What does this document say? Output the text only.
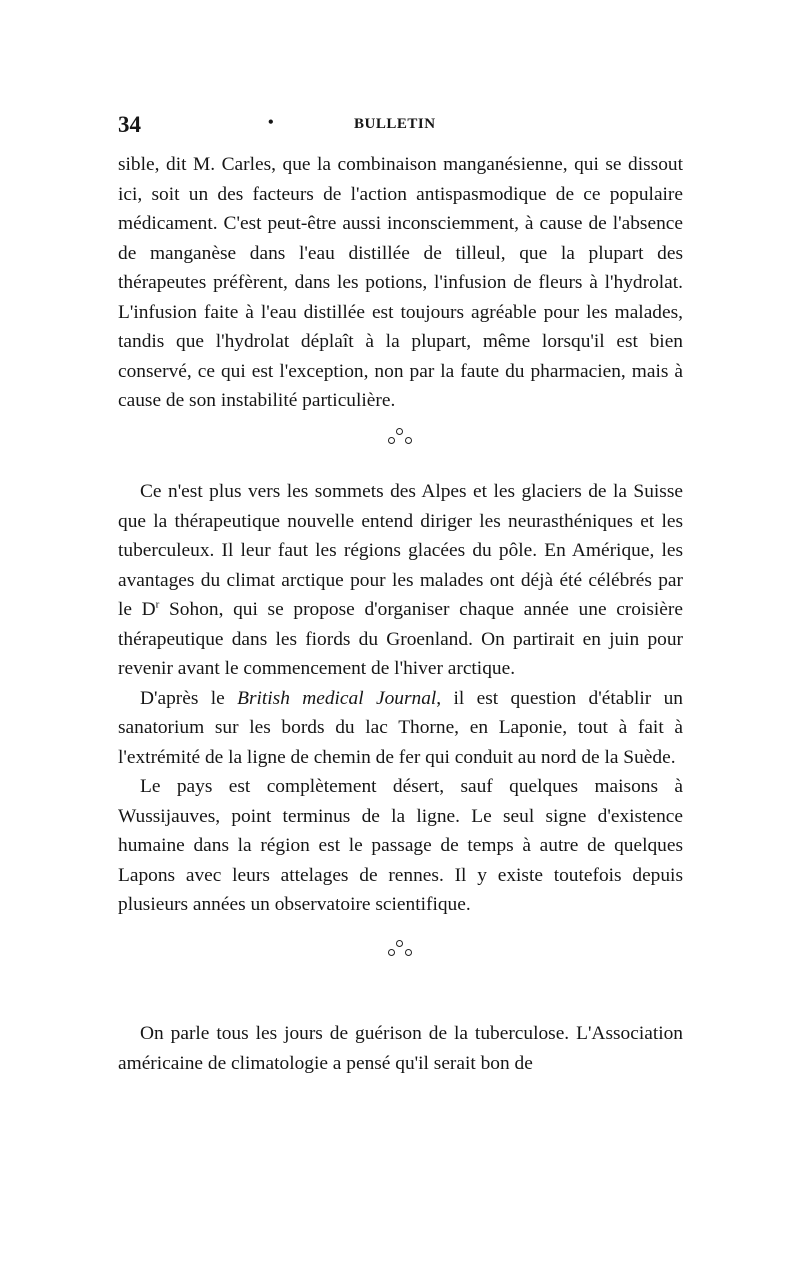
34	•	BULLETIN

sible, dit M. Carles, que la combinaison manganésienne, qui se dissout ici, soit un des facteurs de l'action antispasmodique de ce populaire médicament. C'est peut-être aussi inconsciemment, à cause de l'absence de manganèse dans l'eau distillée de tilleul, que la plupart des thérapeutes préfèrent, dans les potions, l'infusion de fleurs à l'hydrolat. L'infusion faite à l'eau distillée est toujours agréable pour les malades, tandis que l'hydrolat déplaît à la plupart, même lorsqu'il est bien conservé, ce qui est l'exception, non par la faute du pharmacien, mais à cause de son instabilité particulière.

Ce n'est plus vers les sommets des Alpes et les glaciers de la Suisse que la thérapeutique nouvelle entend diriger les neurasthéniques et les tuberculeux. Il leur faut les régions glacées du pôle. En Amérique, les avantages du climat arctique pour les malades ont déjà été célébrés par le $D^r$ Sohon, qui se propose d'organiser chaque année une croisière thérapeutique dans les fiords du Groenland. On partirait en juin pour revenir avant le commencement de l'hiver arctique.

D'après le British medical Journal, il est question d'établir un sanatorium sur les bords du lac Thorne, en Laponie, tout à fait à l'extrémité de la ligne de chemin de fer qui conduit au nord de la Suède.

Le pays est complètement désert, sauf quelques maisons à Wussijauves, point terminus de la ligne. Le seul signe d'existence humaine dans la région est le passage de temps à autre de quelques Lapons avec leurs attelages de rennes. Il y existe toutefois depuis plusieurs années un observatoire scientifique.

On parle tous les jours de guérison de la tuberculose. L'Association américaine de climatologie a pensé qu'il serait bon de
